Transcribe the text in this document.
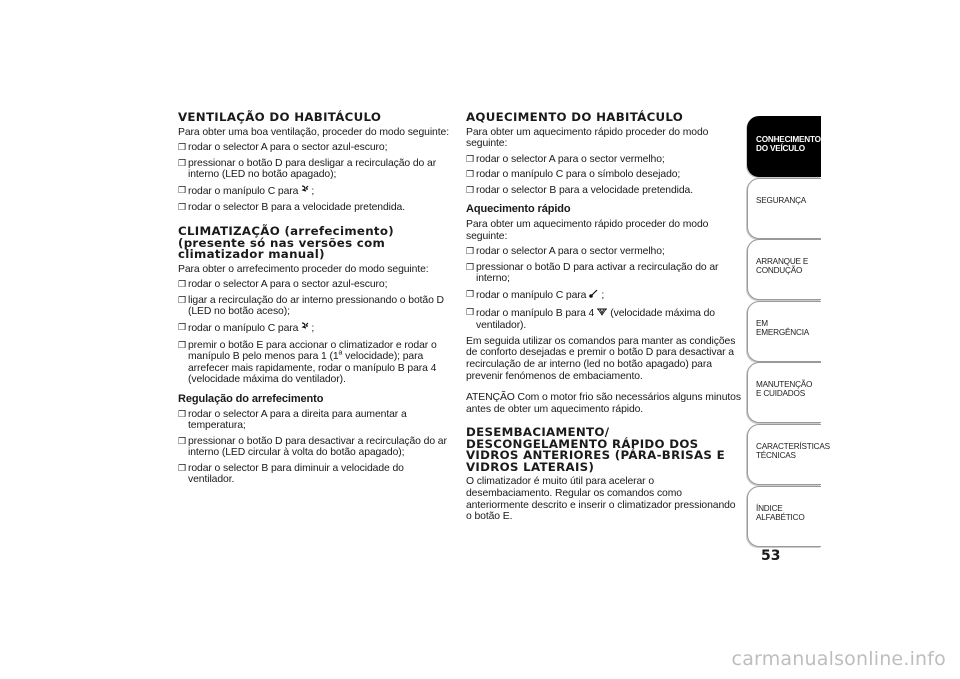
VENTILAÇÃO DO HABITÁCULO

Para obter uma boa ventilação, proceder do modo seguinte:

❒ rodar o selector A para o sector azul-escuro;
❒ pressionar o botão D para desligar a recirculação do ar interno (LED no botão apagado);
❒ rodar o manípulo C para ;
❒ rodar o selector B para a velocidade pretendida.
CLIMATIZAÇÃO (arrefecimento) (presente só nas versões com climatizador manual)

Para obter o arrefecimento proceder do modo seguinte:

❒ rodar o selector A para o sector azul-escuro;
❒ ligar a recirculação do ar interno pressionando o botão D (LED no botão aceso);
❒ rodar o manípulo C para ;
❒ premir o botão E para accionar o climatizador e rodar o manípulo B pelo menos para 1 (1$^a$ velocidade); para arrefecer mais rapidamente, rodar o manípulo B para 4 (velocidade máxima do ventilador).
Regulação do arrefecimento
❒ rodar o selector A para a direita para aumentar a temperatura;
❒ pressionar o botão D para desactivar a recirculação do ar interno (LED circular à volta do botão apagado);
❒ rodar o selector B para diminuir a velocidade do ventilador.
AQUECIMENTO DO HABITÁCULO

Para obter um aquecimento rápido proceder do modo seguinte:

❒ rodar o selector A para o sector vermelho;
❒ rodar o manípulo C para o símbolo desejado;
❒ rodar o selector B para a velocidade pretendida.
Aquecimento rápido

Para obter um aquecimento rápido proceder do modo seguinte:

❒ rodar o selector A para o sector vermelho;
❒ pressionar o botão D para activar a recirculação do ar interno;
❒ rodar o manípulo C para ;
❒ rodar o manípulo B para 4 (velocidade máxima do ventilador).

Em seguida utilizar os comandos para manter as condições de conforto desejadas e premir o botão D para desactivar a recirculação de ar interno (led no botão apagado) para prevenir fenómenos de embaciamento.

ATENÇÃO Com o motor frio são necessários alguns minutos antes de obter um aquecimento rápido.

DESEMBACIAMENTO/ DESCONGELAMENTO RÁPIDO DOS VIDROS ANTERIORES (PÁRA-BRISAS E VIDROS LATERAIS)

O climatizador é muito útil para acelerar o desembaciamento. Regular os comandos como anteriormente descrito e inserir o climatizador pressionando o botão E.

CONHECIMENTO DO VEÍCULO
SEGURANÇA
ARRANQUE E CONDUÇÃO
EM EMERGÊNCIA
MANUTENÇÃO E CUIDADOS
CARACTERÍSTICAS TÉCNICAS
ÍNDICE ALFABÉTICO
53
carmanualsonline.info
